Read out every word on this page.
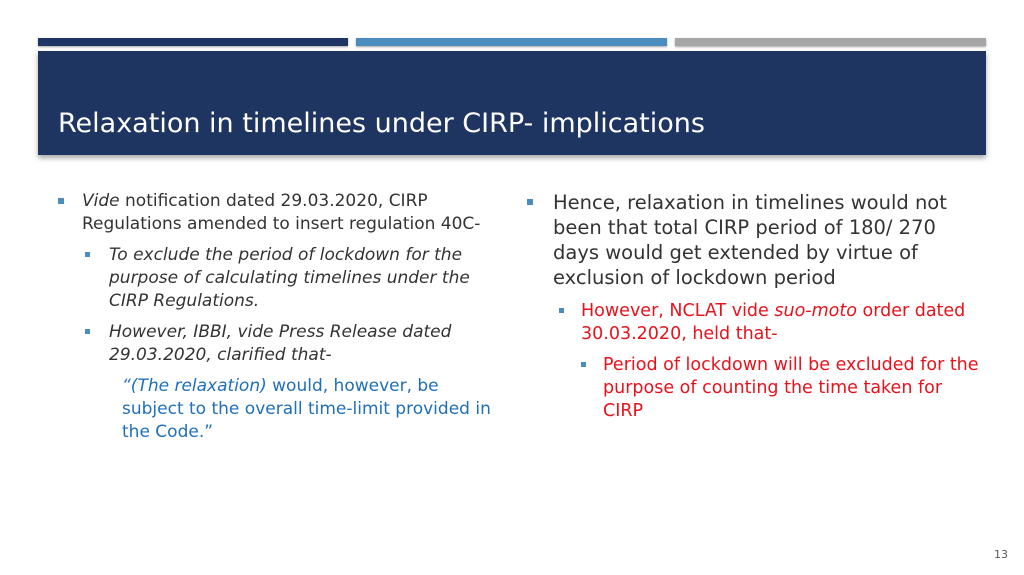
Relaxation in timelines under CIRP- implications
Vide notification dated 29.03.2020, CIRP Regulations amended to insert regulation 40C-
To exclude the period of lockdown for the purpose of calculating timelines under the CIRP Regulations.
However, IBBI, vide Press Release dated 29.03.2020, clarified that-
“(The relaxation) would, however, be subject to the overall time-limit provided in the Code.”
Hence, relaxation in timelines would not been that total CIRP period of 180/ 270 days would get extended by virtue of exclusion of lockdown period
However, NCLAT vide suo-moto order dated 30.03.2020, held that-
Period of lockdown will be excluded for the purpose of counting the time taken for CIRP
13
